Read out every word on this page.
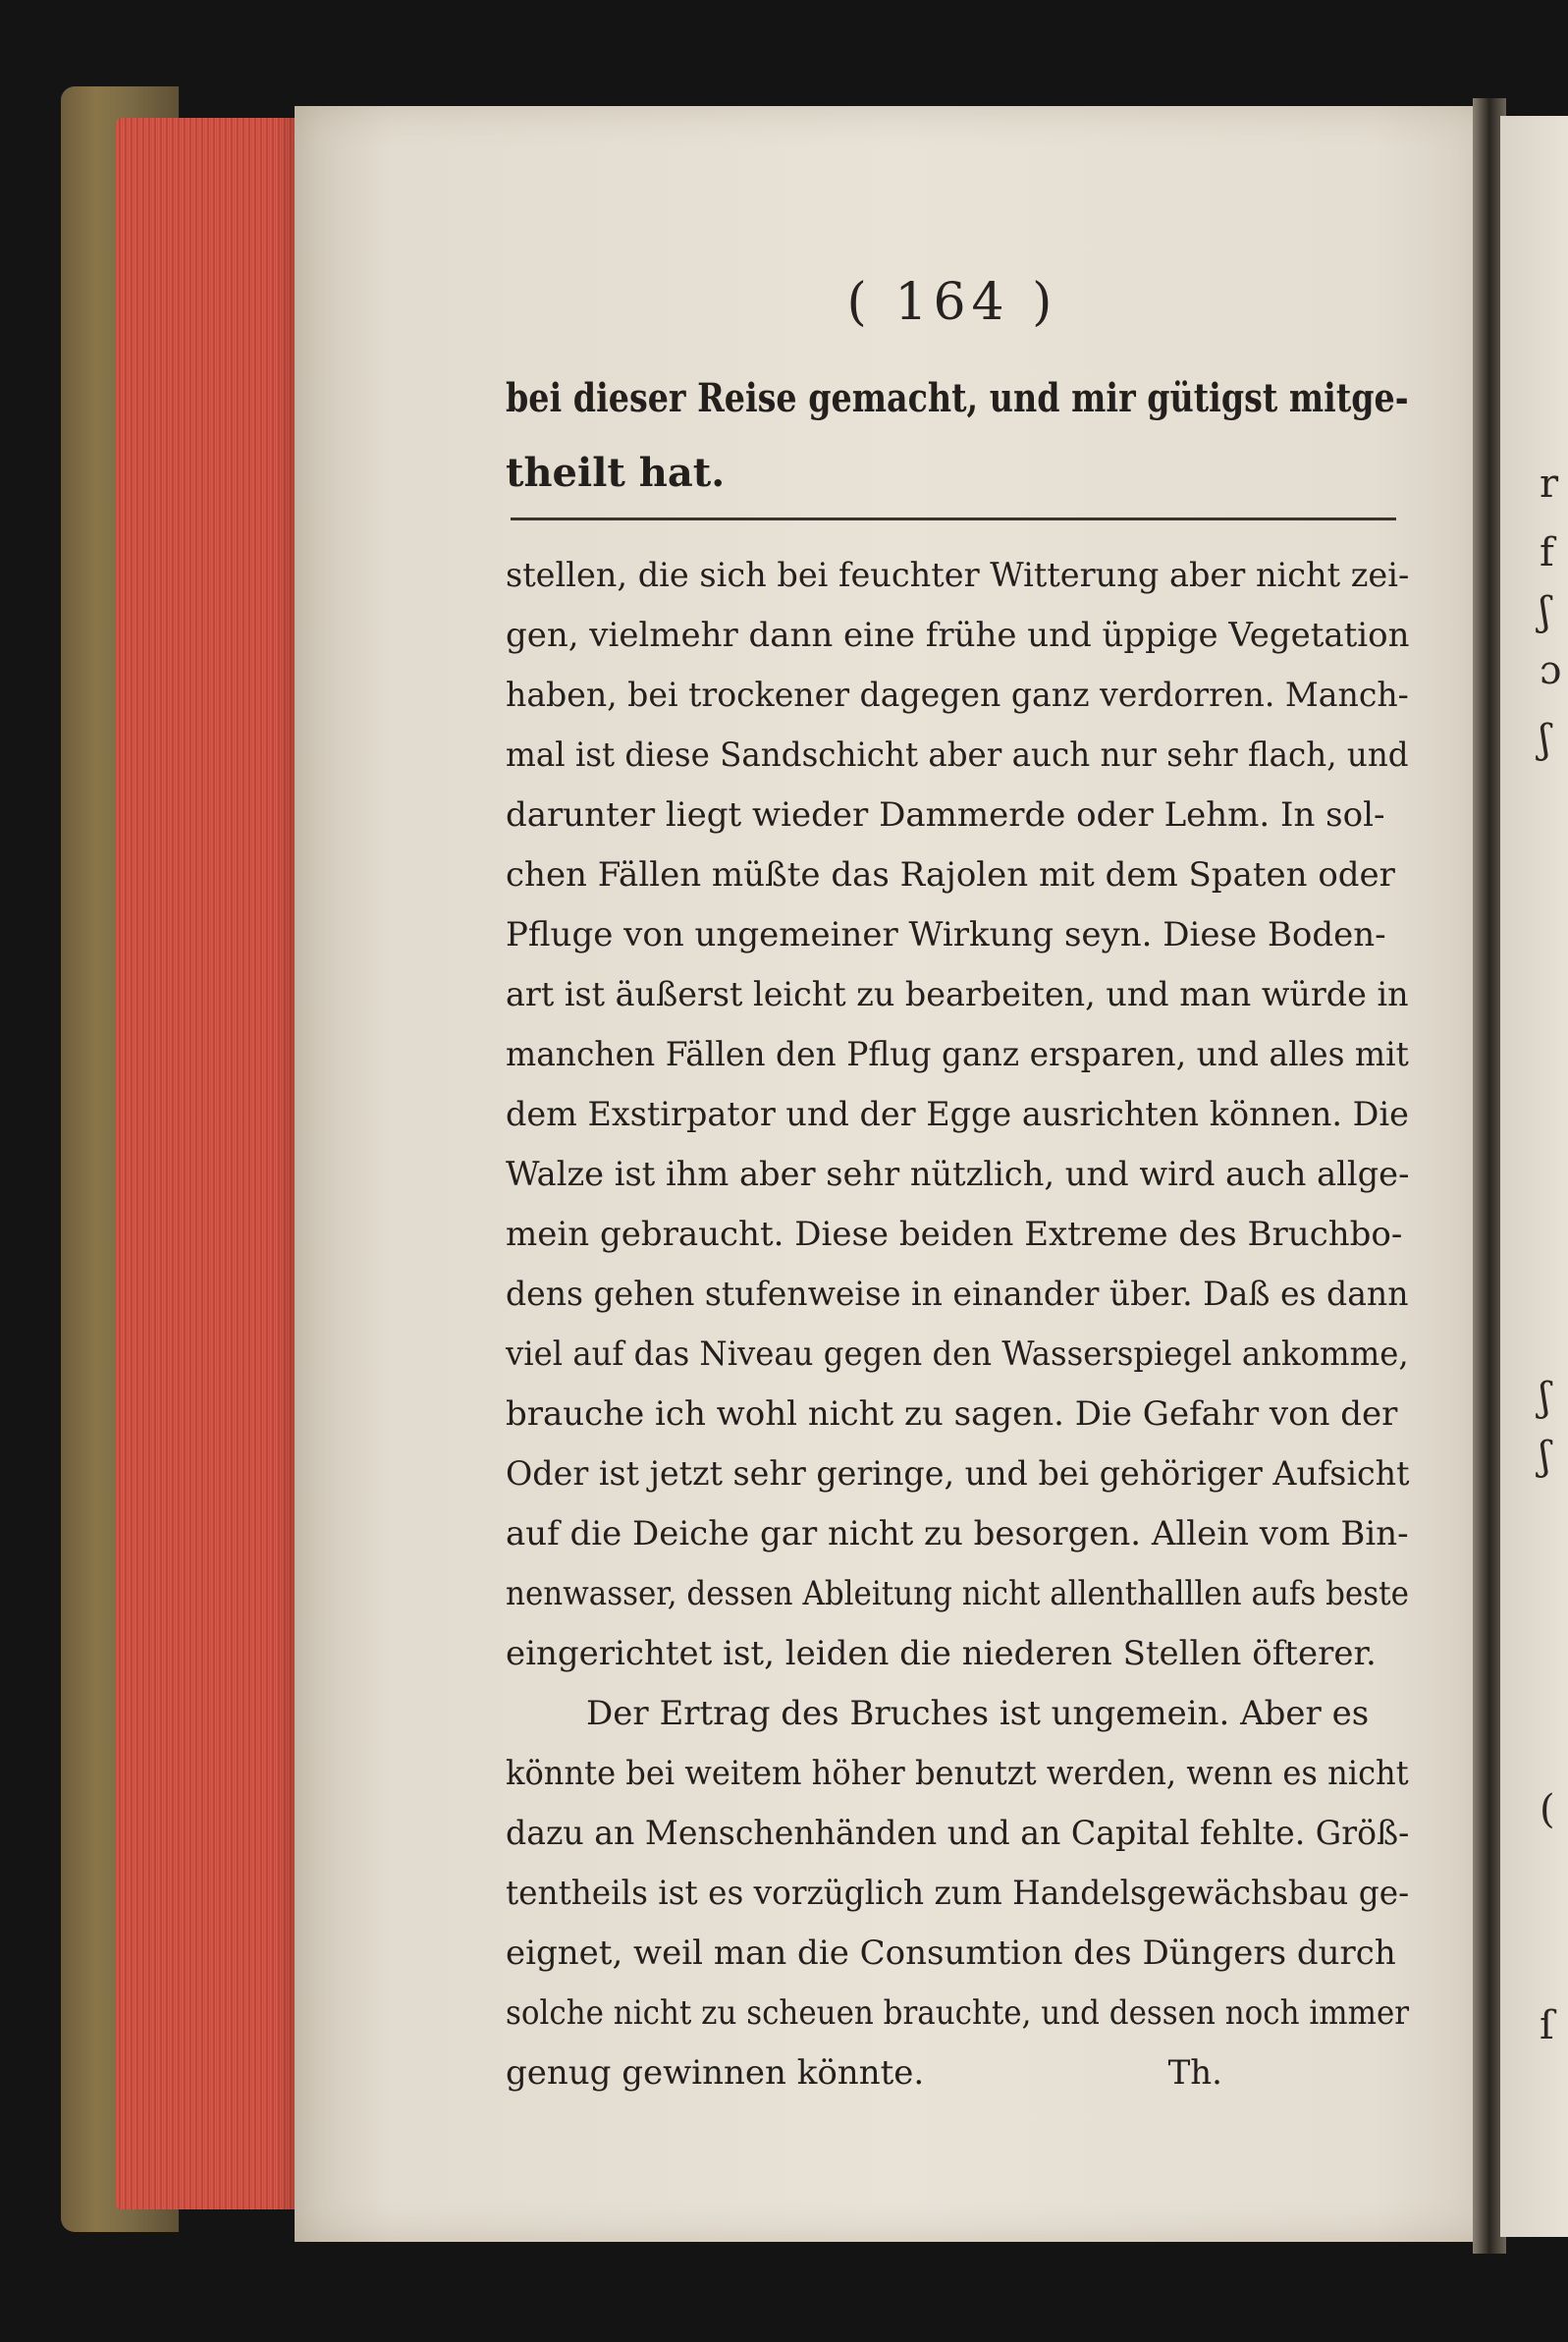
r
f
ʃ
ɔ
ʃ
ʃ
ʃ
(
ſ
( 164 )
bei dieser Reise gemacht, und mir gütigst mitge-
theilt hat.
stellen, die sich bei feuchter Witterung aber nicht zei-
gen, vielmehr dann eine frühe und üppige Vegetation
haben, bei trockener dagegen ganz verdorren. Manch-
mal ist diese Sandschicht aber auch nur sehr flach, und
darunter liegt wieder Dammerde oder Lehm. In sol-
chen Fällen müßte das Rajolen mit dem Spaten oder
Pfluge von ungemeiner Wirkung seyn. Diese Boden-
art ist äußerst leicht zu bearbeiten, und man würde in
manchen Fällen den Pflug ganz ersparen, und alles mit
dem Exstirpator und der Egge ausrichten können. Die
Walze ist ihm aber sehr nützlich, und wird auch allge-
mein gebraucht. Diese beiden Extreme des Bruchbo-
dens gehen stufenweise in einander über. Daß es dann
viel auf das Niveau gegen den Wasserspiegel ankomme,
brauche ich wohl nicht zu sagen. Die Gefahr von der
Oder ist jetzt sehr geringe, und bei gehöriger Aufsicht
auf die Deiche gar nicht zu besorgen. Allein vom Bin-
nenwasser, dessen Ableitung nicht allenthalllen aufs beste
eingerichtet ist, leiden die niederen Stellen öfterer.
Der Ertrag des Bruches ist ungemein. Aber es
könnte bei weitem höher benutzt werden, wenn es nicht
dazu an Menschenhänden und an Capital fehlte. Größ-
tentheils ist es vorzüglich zum Handelsgewächsbau ge-
eignet, weil man die Consumtion des Düngers durch
solche nicht zu scheuen brauchte, und dessen noch immer
genug gewinnen könnte.	Th.
